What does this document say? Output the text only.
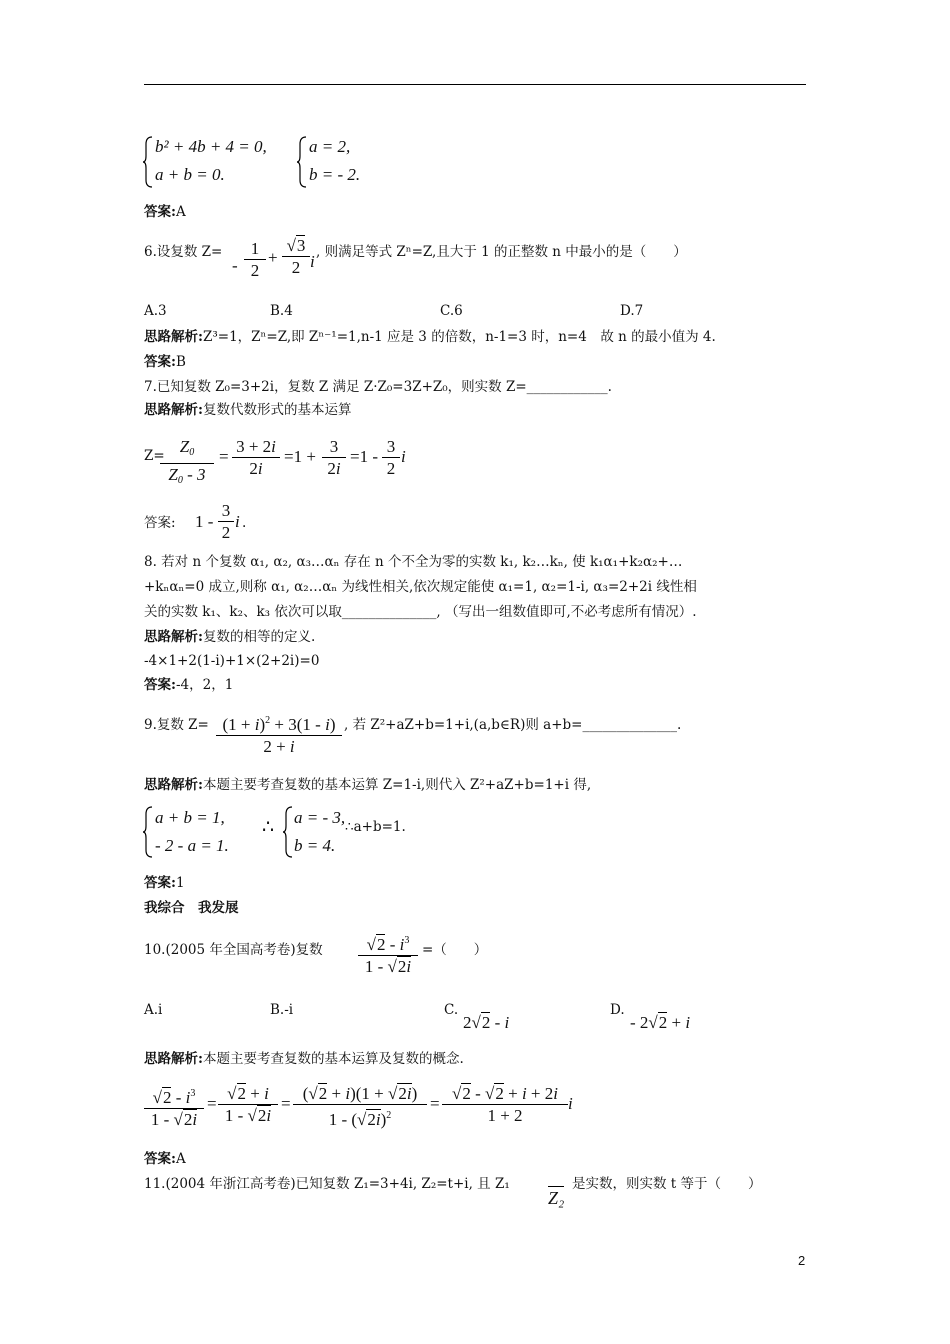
b² + 4b + 4 = 0,
a + b = 0.
a = 2,
b = - 2.
答案:A
6.设复数 Z=
- $\frac{1}{2} + \frac{√3}{2}$ i , 则满足等式 Zⁿ=Z,且大于 1 的正整数 n 中最小的是（　　）
A.3	B.4	C.6	D.7
思路解析:Z³=1，Zⁿ=Z,即 Zⁿ⁻¹=1,n-1 应是 3 的倍数，n-1=3 时，n=4　故 n 的最小值为 4.
答案:B
7.已知复数 Z₀=3+2i，复数 Z 满足 Z·Z₀=3Z+Z₀，则实数 Z=____________.
思路解析:复数代数形式的基本运算
Z=
$\frac{Z_0}{Z_0 - 3} = \frac{3 + 2i}{2i} =1 + \frac{3}{2i} =1 - \frac{3}{2}$ i
答案: $1 - \frac{3}{2}$ i .
8. 若对 n 个复数 α₁, α₂, α₃…αₙ 存在 n 个不全为零的实数 k₁, k₂…kₙ, 使 k₁α₁+k₂α₂+…
+kₙαₙ=0 成立,则称 α₁, α₂…αₙ 为线性相关,依次规定能使 α₁=1, α₂=1-i, α₃=2+2i 线性相
关的实数 k₁、k₂、k₃ 依次可以取______________, （写出一组数值即可,不必考虑所有情况）.
思路解析:复数的相等的定义.
-4×1+2(1-i)+1×(2+2i)=0
答案:-4，2，1
9.复数 $Z= \frac{(1 + i)^2 + 3(1 - i)}{2 + i}$ , 若 Z²+aZ+b=1+i,(a,b∈R)则 a+b=______________.
思路解析:本题主要考查复数的基本运算 Z=1-i,则代入 Z²+aZ+b=1+i 得,
a + b = 1,
- 2 - a = 1.
∴ a = - 3,
b = 4.
∴a+b=1.
答案:1
我综合　我发展
10.(2005 年全国高考卷)复数 $\frac{√2 - i^3}{1 - √2i}$ =（　　）
A.i	B.-i	C.
2√2 - i
D.
- 2√2 + i
思路解析:本题主要考查复数的基本运算及复数的概念.
$\frac{√2 - i^3}{1 - √2i} = \frac{√2 + i}{1 - √2i} = \frac{(√2 + i)(1 + √2i)}{1 - (√2i)^2} = \frac{√2 - √2 + i + 2i}{1 + 2}$ i
答案:A
11.(2004 年浙江高考卷)已知复数 Z₁=3+4i, Z₂=t+i, 且 Z₁
Z₂
是实数，则实数 t 等于（　　）
2
